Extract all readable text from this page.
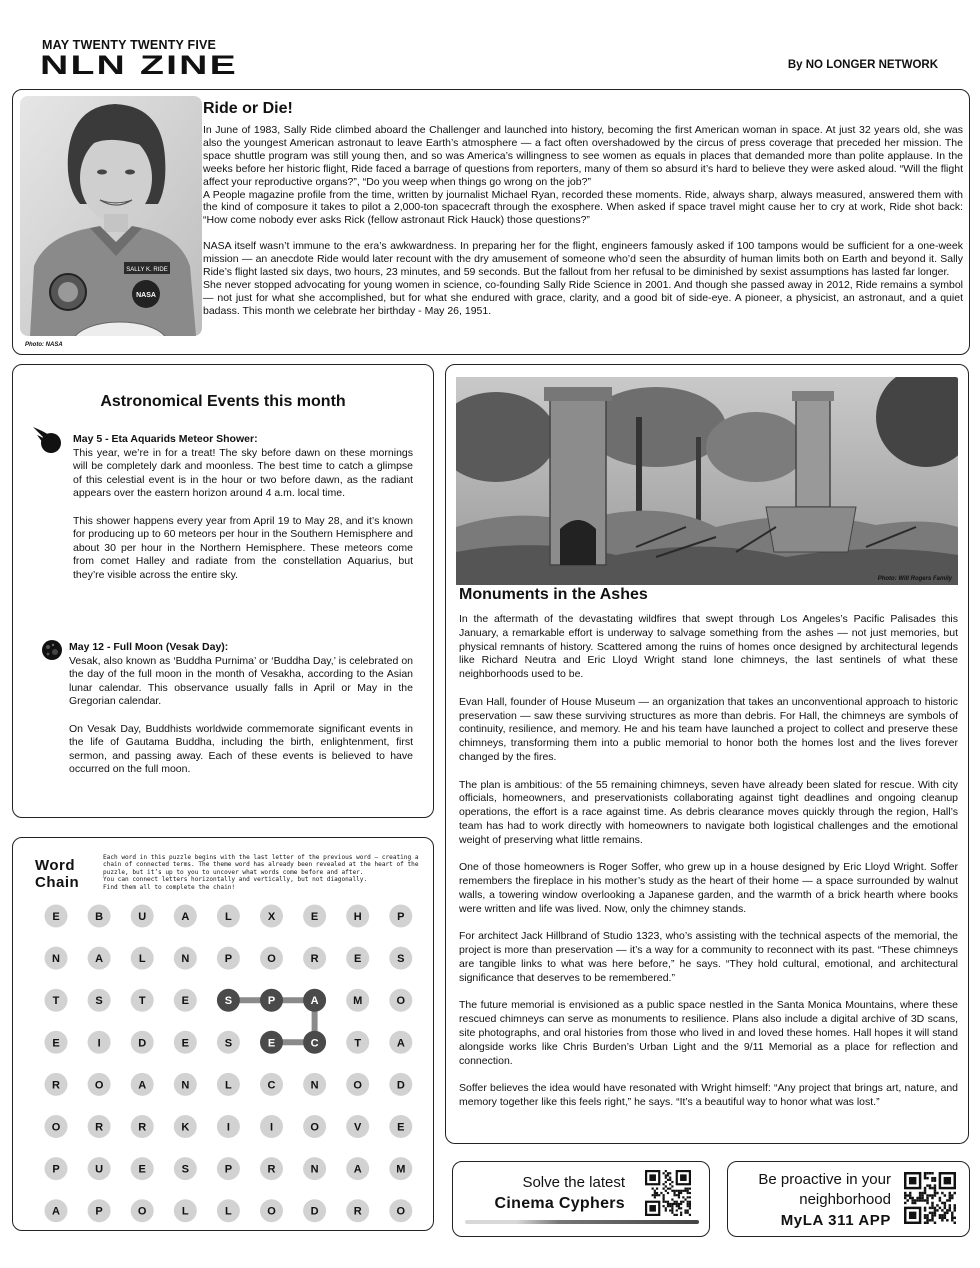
MAY TWENTY TWENTY FIVE
NLN ZINE	By NO LONGER NETWORK
SALLY K. RIDE
NASA
Photo: NASA
Ride or Die!

In June of 1983, Sally Ride climbed aboard the Challenger and launched into history, becoming the first American woman in space. At just 32 years old, she was also the youngest American astronaut to leave Earth’s atmosphere — a fact often overshadowed by the circus of press coverage that preceded her mission. The space shuttle program was still young then, and so was America’s willingness to see women as equals in places that demanded more than polite applause. In the weeks before her historic flight, Ride faced a barrage of questions from reporters, many of them so absurd it’s hard to believe they were asked aloud. “Will the flight affect your reproductive organs?”, “Do you weep when things go wrong on the job?”

A People magazine profile from the time, written by journalist Michael Ryan, recorded these moments. Ride, always sharp, always measured, answered them with the kind of composure it takes to pilot a 2,000-ton spacecraft through the exosphere. When asked if space travel might cause her to cry at work, Ride shot back: “How come nobody ever asks Rick (fellow astronaut Rick Hauck) those questions?”

NASA itself wasn’t immune to the era’s awkwardness. In preparing her for the flight, engineers famously asked if 100 tampons would be sufficient for a one-week mission — an anecdote Ride would later recount with the dry amusement of someone who’d seen the absurdity of human limits both on Earth and beyond it. Sally Ride’s flight lasted six days, two hours, 23 minutes, and 59 seconds. But the fallout from her refusal to be diminished by sexist assumptions has lasted far longer.

She never stopped advocating for young women in science, co-founding Sally Ride Science in 2001. And though she passed away in 2012, Ride remains a symbol — not just for what she accomplished, but for what she endured with grace, clarity, and a good bit of side-eye. A pioneer, a physicist, an astronaut, and a quiet badass. This month we celebrate her birthday - May 26, 1951.

Astronomical Events this month
May 5 - Eta Aquarids Meteor Shower:

This year, we’re in for a treat! The sky before dawn on these mornings will be completely dark and moonless. The best time to catch a glimpse of this celestial event is in the hour or two before dawn, as the radiant appears over the eastern horizon around 4 a.m. local time.

This shower happens every year from April 19 to May 28, and it’s known for producing up to 60 meteors per hour in the Southern Hemisphere and about 30 per hour in the Northern Hemisphere. These meteors come from comet Halley and radiate from the constellation Aquarius, but they’re visible across the entire sky.

May 12 - Full Moon (Vesak Day):

Vesak, also known as ‘Buddha Purnima’ or ‘Buddha Day,’ is celebrated on the day of the full moon in the month of Vesakha, according to the Asian lunar calendar. This observance usually falls in April or May in the Gregorian calendar.

On Vesak Day, Buddhists worldwide commemorate significant events in the life of Gautama Buddha, including the birth, enlightenment, first sermon, and passing away. Each of these events is believed to have occurred on the full moon.

Word
Chain

Each word in this puzzle begins with the last letter of the previous word — creating a chain of connected terms. The theme word has already been revealed at the heart of the puzzle, but it’s up to you to uncover what words come before and after.

You can connect letters horizontally and vertically, but not diagonally.

Find them all to complete the chain!

E	B	U	A	L	X	E	H	P
N	A	L	N	P	O	R	E	S
T	S	T	E	S	P	A	M	O
E	I	D	E	S	E	C	T	A
R	O	A	N	L	C	N	O	D
O	R	R	K	I	I	O	V	E
P	U	E	S	P	R	N	A	M
A	P	O	L	L	O	D	R	O
Photo: Will Rogers Family
Monuments in the Ashes

In the aftermath of the devastating wildfires that swept through Los Angeles’s Pacific Palisades this January, a remarkable effort is underway to salvage something from the ashes — not just memories, but physical remnants of history. Scattered among the ruins of homes once designed by architectural legends like Richard Neutra and Eric Lloyd Wright stand lone chimneys, the last sentinels of what these neighborhoods used to be.

Evan Hall, founder of House Museum — an organization that takes an unconventional approach to historic preservation — saw these surviving structures as more than debris. For Hall, the chimneys are symbols of continuity, resilience, and memory. He and his team have launched a project to collect and preserve these chimneys, transforming them into a public memorial to honor both the homes lost and the lives forever changed by the fires.

The plan is ambitious: of the 55 remaining chimneys, seven have already been slated for rescue. With city officials, homeowners, and preservationists collaborating against tight deadlines and ongoing cleanup operations, the effort is a race against time. As debris clearance moves quickly through the region, Hall’s team has had to work directly with homeowners to navigate both logistical challenges and the emotional weight of preserving what little remains.

One of those homeowners is Roger Soffer, who grew up in a house designed by Eric Lloyd Wright. Soffer remembers the fireplace in his mother’s study as the heart of their home — a space surrounded by walnut walls, a towering window overlooking a Japanese garden, and the warmth of a brick hearth where books were written and life was lived. Now, only the chimney stands.

For architect Jack Hillbrand of Studio 1323, who’s assisting with the technical aspects of the memorial, the project is more than preservation — it’s a way for a community to reconnect with its past. “These chimneys are tangible links to what was here before,” he says. “They hold cultural, emotional, and architectural significance that deserves to be remembered.”

The future memorial is envisioned as a public space nestled in the Santa Monica Mountains, where these rescued chimneys can serve as monuments to resilience. Plans also include a digital archive of 3D scans, site photographs, and oral histories from those who lived in and loved these homes. Hall hopes it will stand alongside works like Chris Burden’s Urban Light and the 9/11 Memorial as a place for reflection and connection.

Soffer believes the idea would have resonated with Wright himself: “Any project that brings art, nature, and memory together like this feels right,” he says. “It’s a beautiful way to honor what was lost.”

Solve the latest
Cinema Cyphers
Be proactive in your
neighborhood
MyLA 311 APP
